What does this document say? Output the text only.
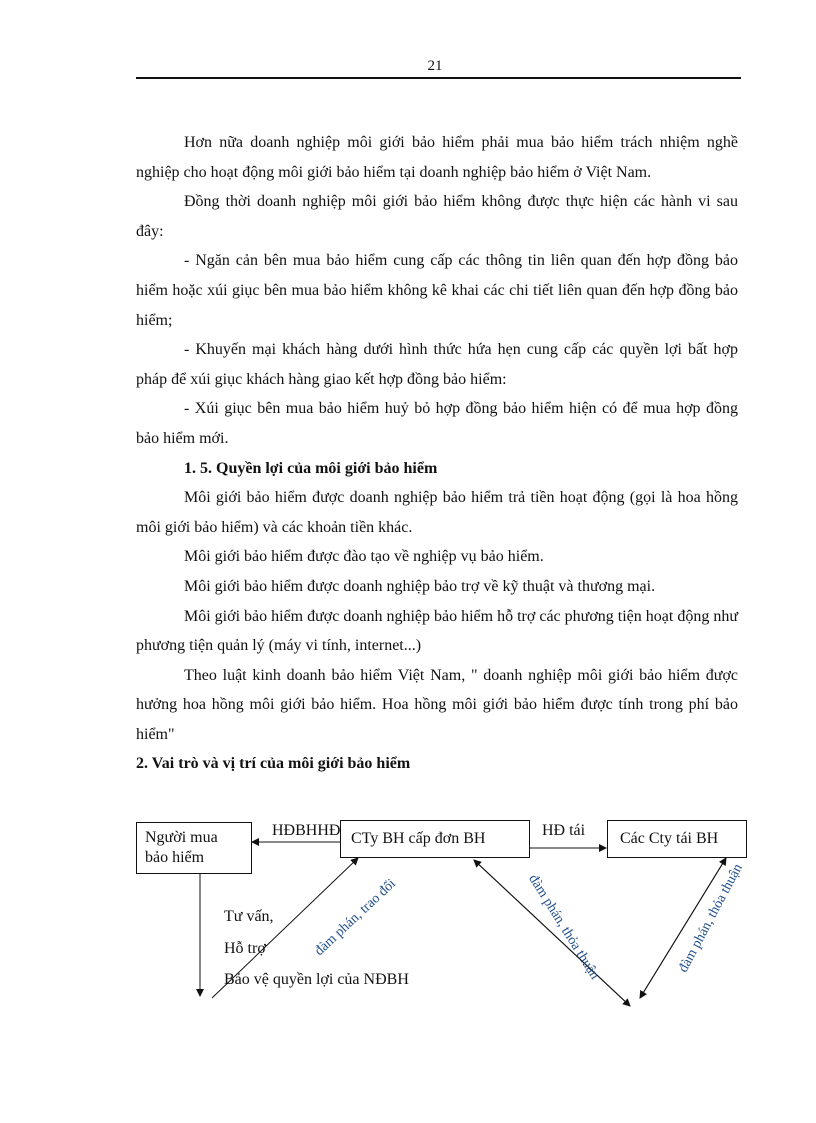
21

Hơn nữa doanh nghiệp môi giới bảo hiểm phải mua bảo hiểm trách nhiệm nghề nghiệp cho hoạt động môi giới bảo hiểm tại doanh nghiệp bảo hiểm ở Việt Nam.

Đồng thời doanh nghiệp môi giới bảo hiểm không được thực hiện các hành vi sau đây:

- Ngăn cản bên mua bảo hiểm cung cấp các thông tin liên quan đến hợp đồng bảo hiểm hoặc xúi giục bên mua bảo hiểm không kê khai các chi tiết liên quan đến hợp đồng bảo hiểm;

- Khuyến mại khách hàng dưới hình thức hứa hẹn cung cấp các quyền lợi bất hợp pháp để xúi giục khách hàng giao kết hợp đồng bảo hiểm:

- Xúi giục bên mua bảo hiểm huỷ bỏ hợp đồng bảo hiểm hiện có để mua hợp đồng bảo hiểm mới.

1. 5. Quyền lợi của môi giới bảo hiểm

Môi giới bảo hiểm được doanh nghiệp bảo hiểm trả tiền hoạt động (gọi là hoa hồng môi giới bảo hiểm) và các khoản tiền khác.

Môi giới bảo hiểm được đào tạo về nghiệp vụ bảo hiểm.

Môi giới bảo hiểm được doanh nghiệp bảo trợ về kỹ thuật và thương mại.

Môi giới bảo hiểm được doanh nghiệp bảo hiểm hỗ trợ các phương tiện hoạt động như phương tiện quản lý (máy vi tính, internet...)

Theo luật kinh doanh bảo hiểm Việt Nam, " doanh nghiệp môi giới bảo hiểm được hưởng hoa hồng môi giới bảo hiểm. Hoa hồng môi giới bảo hiểm được tính trong phí bảo hiểm"

2. Vai trò và vị trí của môi giới bảo hiểm

Người mua bảo hiểm
CTy BH cấp đơn BH	Các Cty tái BH
HĐBHHĐ	HĐ tái
Tư vấn,
Hỗ trợ
Bảo vệ quyền lợi của NĐBH
đàm phán, trao đổi	đàm phán, thỏa thuận	đàm phán, thỏa thuận
